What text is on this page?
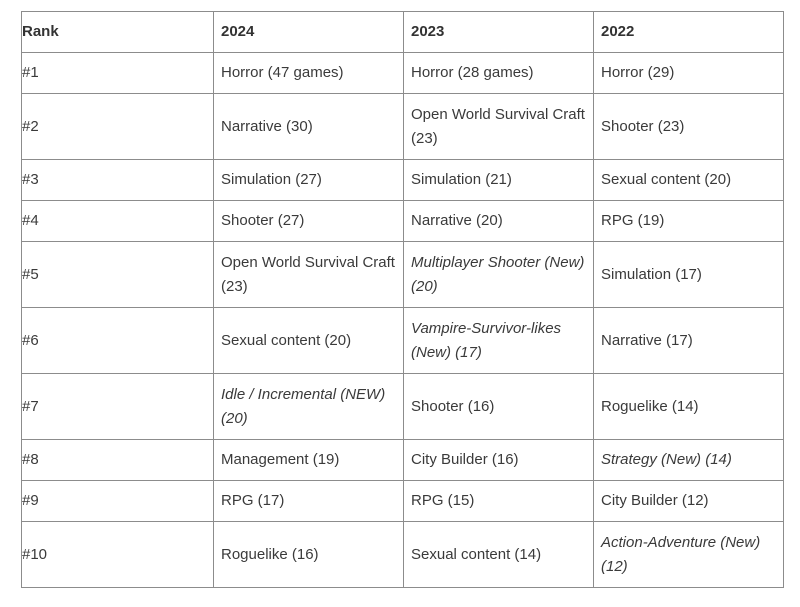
Rank	2024	2023	2022
#1	Horror (47 games)	Horror (28 games)	Horror (29)
#2	Narrative (30)	Open World Survival Craft (23)	Shooter (23)
#3	Simulation (27)	Simulation (21)	Sexual content (20)
#4	Shooter (27)	Narrative (20)	RPG (19)
#5	Open World Survival Craft (23)	Multiplayer Shooter (New) (20)	Simulation (17)
#6	Sexual content (20)	Vampire-Survivor-likes (New) (17)	Narrative (17)
#7	Idle / Incremental (NEW) (20)	Shooter (16)	Roguelike (14)
#8	Management (19)	City Builder (16)	Strategy (New) (14)
#9	RPG (17)	RPG (15)	City Builder (12)
#10	Roguelike (16)	Sexual content (14)	Action-Adventure (New) (12)
